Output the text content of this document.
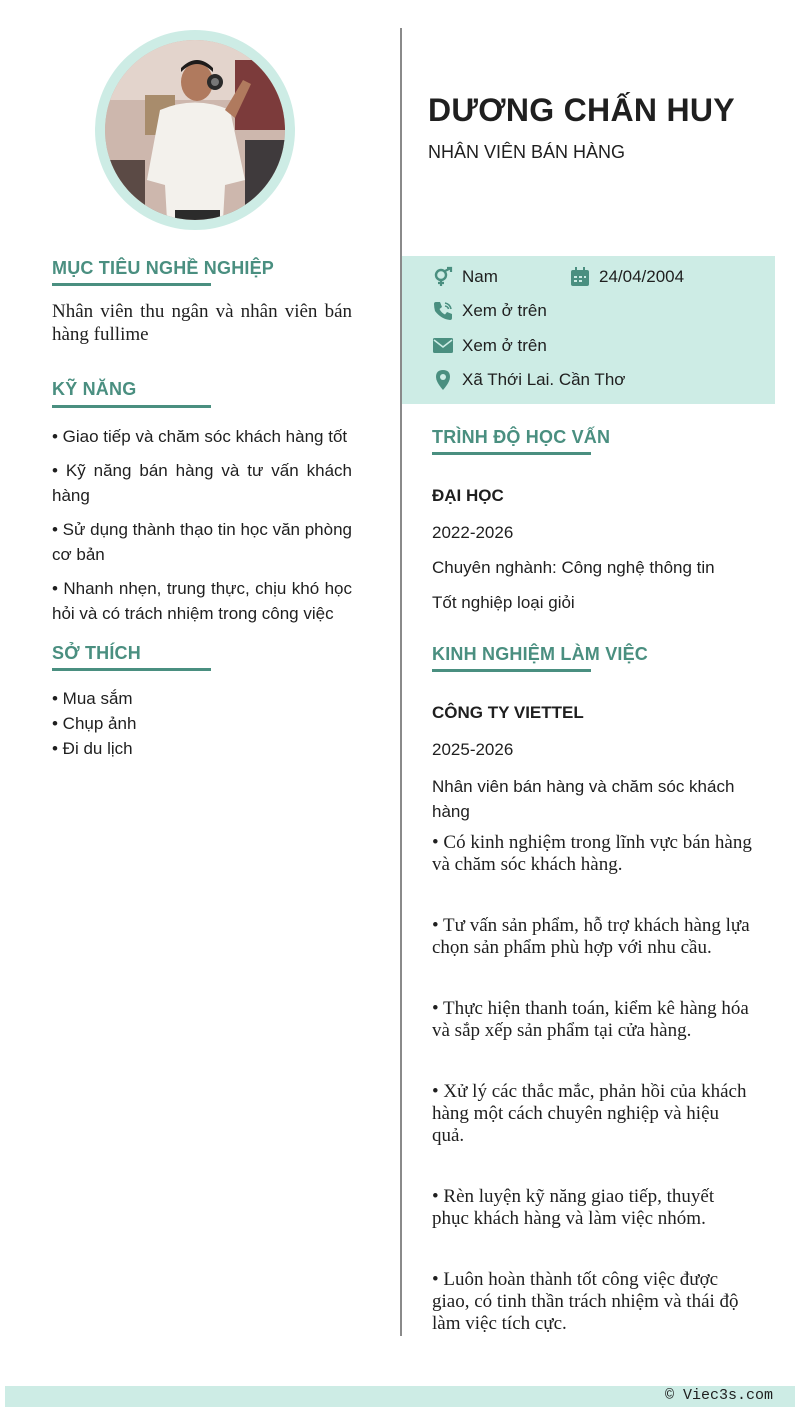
MỤC TIÊU NGHỀ NGHIỆP
Nhân viên thu ngân và nhân viên bán hàng fullime
KỸ NĂNG
• Giao tiếp và chăm sóc khách hàng tốt
• Kỹ năng bán hàng và tư vấn khách hàng
• Sử dụng thành thạo tin học văn phòng cơ bản
• Nhanh nhẹn, trung thực, chịu khó học hỏi và có trách nhiệm trong công việc
SỞ THÍCH
• Mua sắm
• Chụp ảnh
• Đi du lịch
DƯƠNG CHẤN HUY

NHÂN VIÊN BÁN HÀNG

Nam	24/04/2004
Xem ở trên
Xem ở trên
Xã Thới Lai. Cần Thơ
TRÌNH ĐỘ HỌC VẤN
ĐẠI HỌC
2022-2026
Chuyên nghành: Công nghệ thông tin
Tốt nghiệp loại giỏi
KINH NGHIỆM LÀM VIỆC
CÔNG TY VIETTEL
2025-2026
Nhân viên bán hàng và chăm sóc khách hàng
• Có kinh nghiệm trong lĩnh vực bán hàng và chăm sóc khách hàng.
• Tư vấn sản phẩm, hỗ trợ khách hàng lựa chọn sản phẩm phù hợp với nhu cầu.
• Thực hiện thanh toán, kiểm kê hàng hóa và sắp xếp sản phẩm tại cửa hàng.
• Xử lý các thắc mắc, phản hồi của khách hàng một cách chuyên nghiệp và hiệu quả.
• Rèn luyện kỹ năng giao tiếp, thuyết phục khách hàng và làm việc nhóm.
• Luôn hoàn thành tốt công việc được giao, có tinh thần trách nhiệm và thái độ làm việc tích cực.
© Viec3s.com
